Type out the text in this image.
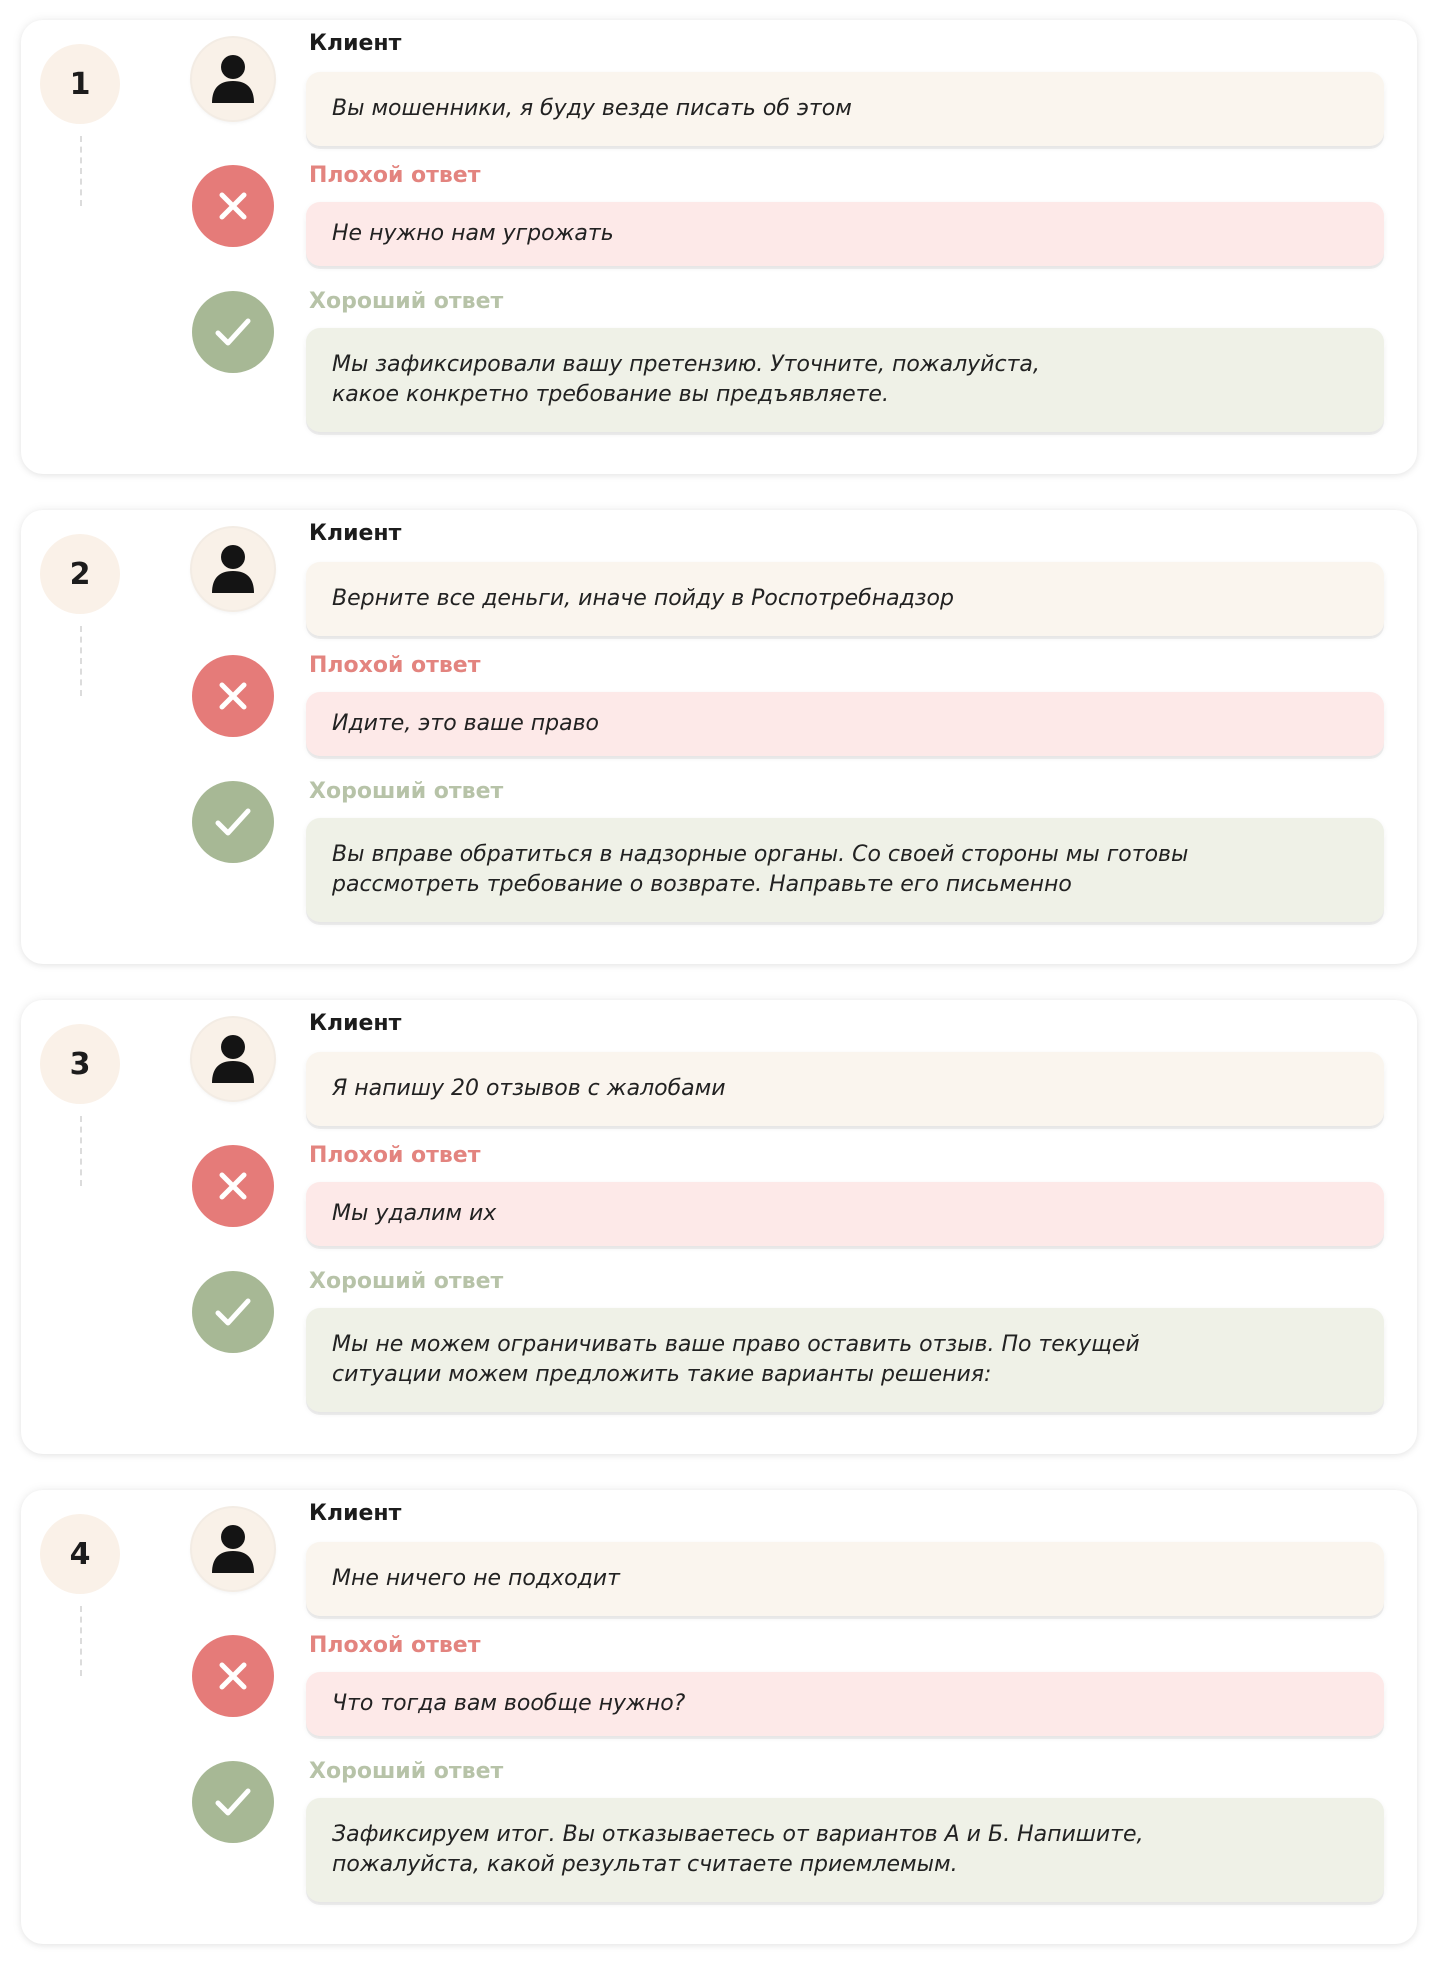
1
Клиент
Вы мошенники, я буду везде писать об этом
Плохой ответ
Не нужно нам угрожать
Хороший ответ
Мы зафиксировали вашу претензию. Уточните, пожалуйста,
какое конкретно требование вы предъявляете.
2
Клиент
Верните все деньги, иначе пойду в Роспотребнадзор
Плохой ответ
Идите, это ваше право
Хороший ответ
Вы вправе обратиться в надзорные органы. Со своей стороны мы готовы
рассмотреть требование о возврате. Направьте его письменно
3
Клиент
Я напишу 20 отзывов с жалобами
Плохой ответ
Мы удалим их
Хороший ответ
Мы не можем ограничивать ваше право оставить отзыв. По текущей
ситуации можем предложить такие варианты решения:
4
Клиент
Мне ничего не подходит
Плохой ответ
Что тогда вам вообще нужно?
Хороший ответ
Зафиксируем итог. Вы отказываетесь от вариантов А и Б. Напишите,
пожалуйста, какой результат считаете приемлемым.
